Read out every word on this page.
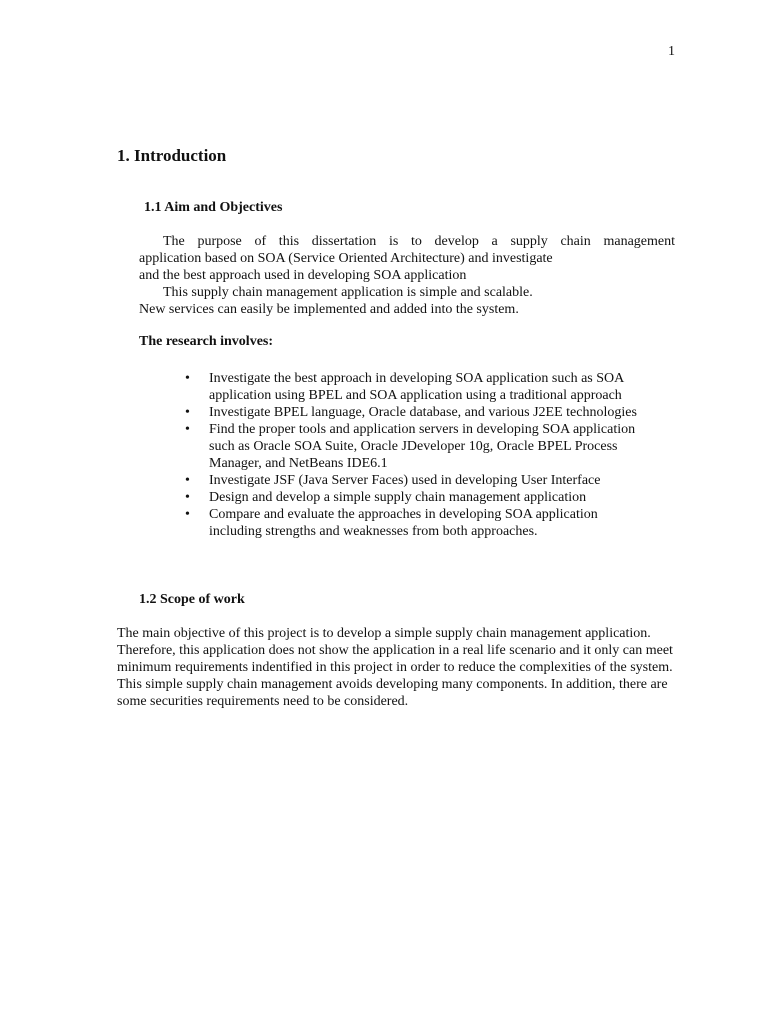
1
1. Introduction
1.1 Aim and Objectives
The purpose of this dissertation is to develop a supply chain management
application based on SOA (Service Oriented Architecture) and investigate
and the best approach used in developing SOA application
This supply chain management application is simple and scalable.
New services can easily be implemented and added into the system.
The research involves:
• Investigate the best approach in developing SOA application such as SOA application using BPEL and SOA application using a traditional approach
• Investigate BPEL language, Oracle database, and various J2EE technologies
• Find the proper tools and application servers in developing SOA application such as Oracle SOA Suite, Oracle JDeveloper 10g, Oracle BPEL Process Manager, and NetBeans IDE6.1
• Investigate JSF (Java Server Faces) used in developing User Interface
• Design and develop a simple supply chain management application
• Compare and evaluate the approaches in developing SOA application including strengths and weaknesses from both approaches.
1.2 Scope of work

The main objective of this project is to develop a simple supply chain management application. Therefore, this application does not show the application in a real life scenario and it only can meet minimum requirements indentified in this project in order to reduce the complexities of the system. This simple supply chain management avoids developing many components. In addition, there are some securities requirements need to be considered.
